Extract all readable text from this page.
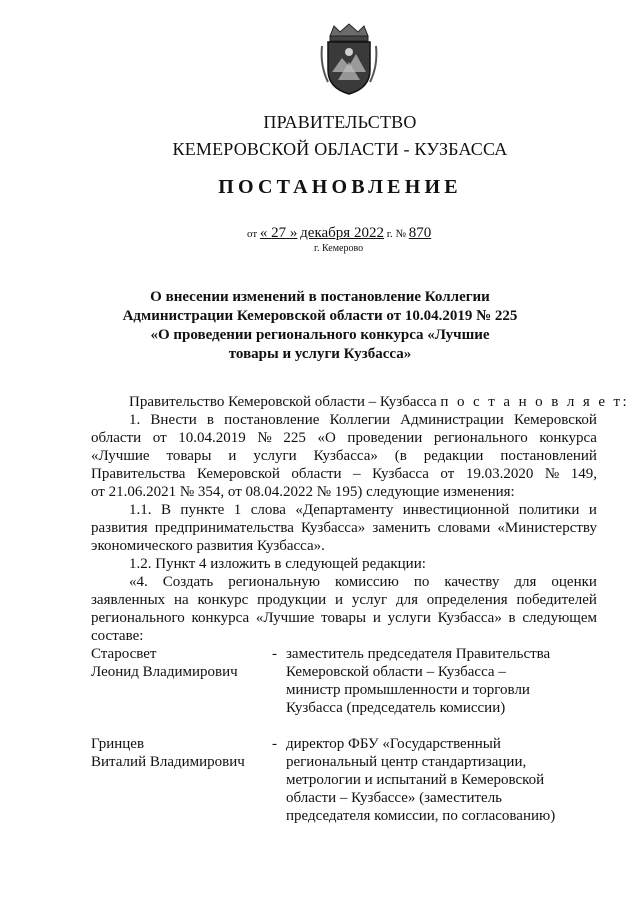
ПРАВИТЕЛЬСТВО
КЕМЕРОВСКОЙ ОБЛАСТИ - КУЗБАССА
ПОСТАНОВЛЕНИЕ
от « 27 » декабря 2022 г. № 870
г. Кемерово
О внесении изменений в постановление Коллегии
Администрации Кемеровской области от 10.04.2019 № 225
«О проведении регионального конкурса «Лучшие
товары и услуги Кузбасса»
Правительство Кемеровской области – Кузбасса п о с т а н о в л я е т:
1. Внести в постановление Коллегии Администрации Кемеровской
области от 10.04.2019 № 225 «О проведении регионального конкурса
«Лучшие товары и услуги Кузбасса» (в редакции постановлений
Правительства Кемеровской области – Кузбасса от 19.03.2020 № 149,
от 21.06.2021 № 354, от 08.04.2022 № 195) следующие изменения:
1.1. В пункте 1 слова «Департаменту инвестиционной политики и
развития предпринимательства Кузбасса» заменить словами «Министерству
экономического развития Кузбасса».
1.2. Пункт 4 изложить в следующей редакции:
«4. Создать региональную комиссию по качеству для оценки
заявленных на конкурс продукции и услуг для определения победителей
регионального конкурса «Лучшие товары и услуги Кузбасса» в следующем
составе:
Старосвет
Леонид Владимирович
- заместитель председателя Правительства
Кемеровской области – Кузбасса –
министр промышленности и торговли
Кузбасса (председатель комиссии)
Гринцев
Виталий Владимирович
- директор ФБУ «Государственный
региональный центр стандартизации,
метрологии и испытаний в Кемеровской
области – Кузбассе» (заместитель
председателя комиссии, по согласованию)
